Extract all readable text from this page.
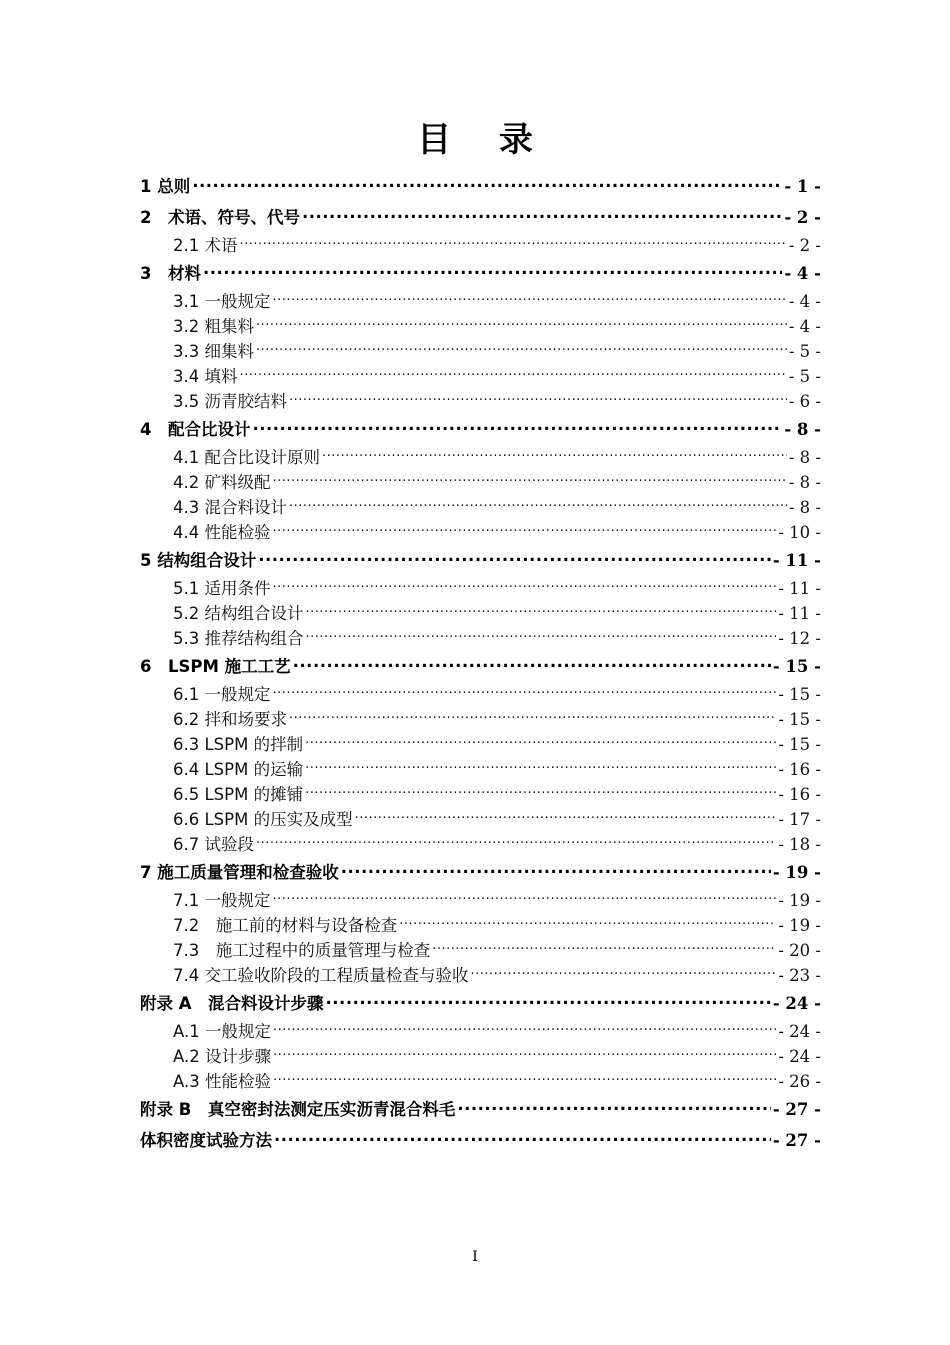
目 录
1 总则 .....	- 1 -
2　术语、符号、代号 .....	- 2 -
2.1 术语 .....	- 2 -
3　材料 .....	- 4 -
3.1 一般规定 .....	- 4 -
3.2 粗集料 .....	- 4 -
3.3 细集料 .....	- 5 -
3.4 填料 .....	- 5 -
3.5 沥青胶结料 .....	- 6 -
4　配合比设计 .....	- 8 -
4.1 配合比设计原则 .....	- 8 -
4.2 矿料级配 .....	- 8 -
4.3 混合料设计 .....	- 8 -
4.4 性能检验 .....	- 10 -
5 结构组合设计 .....	- 11 -
5.1 适用条件 .....	- 11 -
5.2 结构组合设计 .....	- 11 -
5.3 推荐结构组合 .....	- 12 -
6　LSPM 施工工艺 .....	- 15 -
6.1 一般规定 .....	- 15 -
6.2 拌和场要求 .....	- 15 -
6.3 LSPM 的拌制 .....	- 15 -
6.4 LSPM 的运输 .....	- 16 -
6.5 LSPM 的摊铺 .....	- 16 -
6.6 LSPM 的压实及成型 .....	- 17 -
6.7 试验段 .....	- 18 -
7 施工质量管理和检查验收 .....	- 19 -
7.1 一般规定 .....	- 19 -
7.2　施工前的材料与设备检查 .....	- 19 -
7.3　施工过程中的质量管理与检查 .....	- 20 -
7.4 交工验收阶段的工程质量检查与验收 .....	- 23 -
附录 A　混合料设计步骤 .....	- 24 -
A.1 一般规定 .....	- 24 -
A.2 设计步骤 .....	- 24 -
A.3 性能检验 .....	- 26 -
附录 B　真空密封法测定压实沥青混合料毛 .....	- 27 -
体积密度试验方法 .....	- 27 -
I
